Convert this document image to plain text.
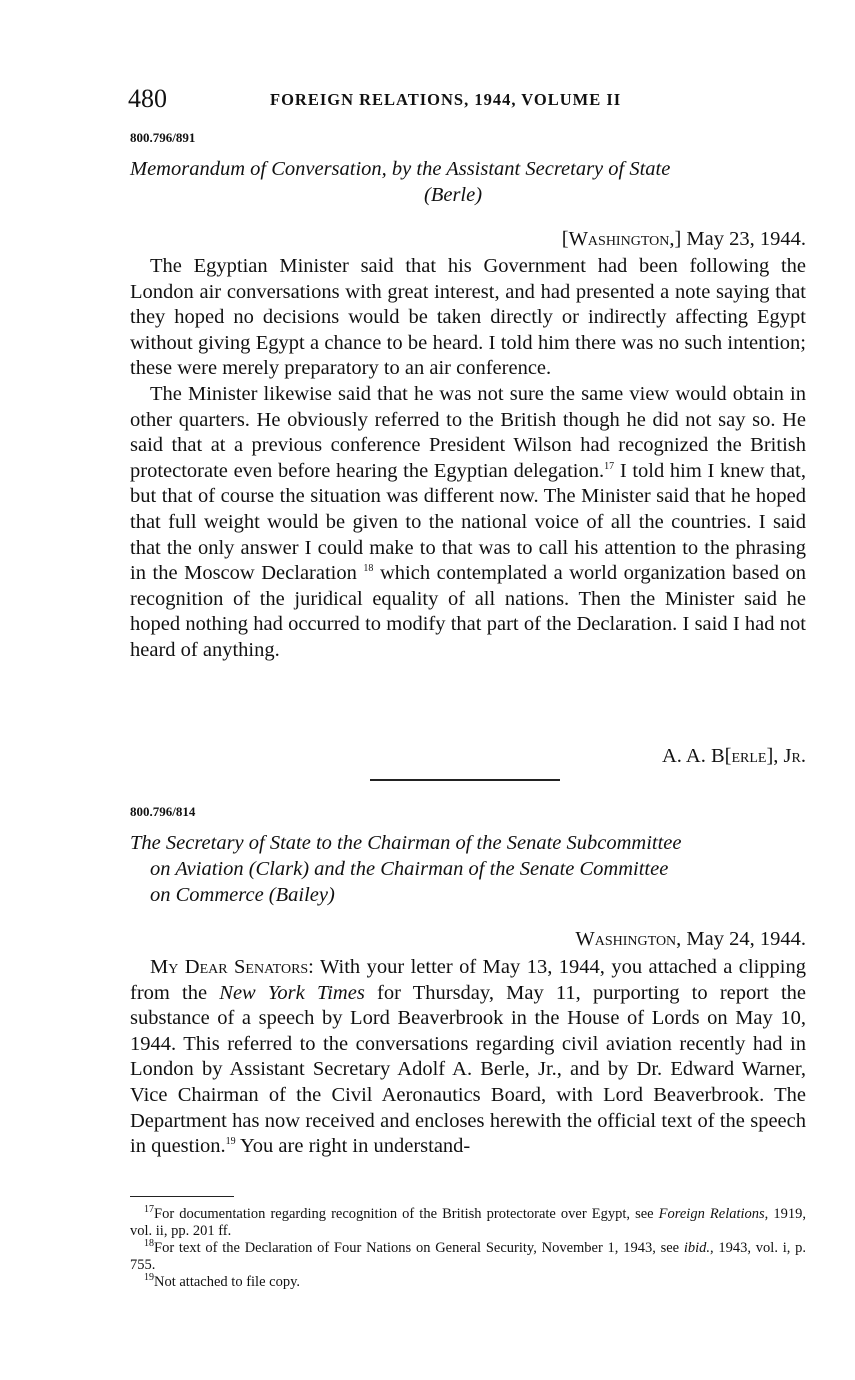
480	FOREIGN RELATIONS, 1944, VOLUME II
800.796/891
Memorandum of Conversation, by the Assistant Secretary of State
(Berle)
[Washington,] May 23, 1944.

The Egyptian Minister said that his Government had been following the London air conversations with great interest, and had presented a note saying that they hoped no decisions would be taken directly or indirectly affecting Egypt without giving Egypt a chance to be heard. I told him there was no such intention; these were merely preparatory to an air conference.

The Minister likewise said that he was not sure the same view would obtain in other quarters. He obviously referred to the British though he did not say so. He said that at a previous conference President Wilson had recognized the British protectorate even before hearing the Egyptian delegation.$^{17}$ I told him I knew that, but that of course the situation was different now. The Minister said that he hoped that full weight would be given to the national voice of all the countries. I said that the only answer I could make to that was to call his attention to the phrasing in the Moscow Declaration $^{18}$ which contemplated a world organization based on recognition of the juridical equality of all nations. Then the Minister said he hoped nothing had occurred to modify that part of the Declaration. I said I had not heard of anything.

A. A. B[erle], Jr.
800.796/814
The Secretary of State to the Chairman of the Senate Subcommittee
on Aviation (Clark) and the Chairman of the Senate Committee
on Commerce (Bailey)
Washington, May 24, 1944.

My Dear Senators: With your letter of May 13, 1944, you attached a clipping from the New York Times for Thursday, May 11, purporting to report the substance of a speech by Lord Beaverbrook in the House of Lords on May 10, 1944. This referred to the conversations regarding civil aviation recently had in London by Assistant Secretary Adolf A. Berle, Jr., and by Dr. Edward Warner, Vice Chairman of the Civil Aeronautics Board, with Lord Beaverbrook. The Department has now received and encloses herewith the official text of the speech in question.$^{19}$ You are right in understand-

$^{17}$For documentation regarding recognition of the British protectorate over Egypt, see Foreign Relations, 1919, vol. ii, pp. 201 ff.

$^{18}$For text of the Declaration of Four Nations on General Security, November 1, 1943, see ibid., 1943, vol. i, p. 755.

$^{19}$Not attached to file copy.
